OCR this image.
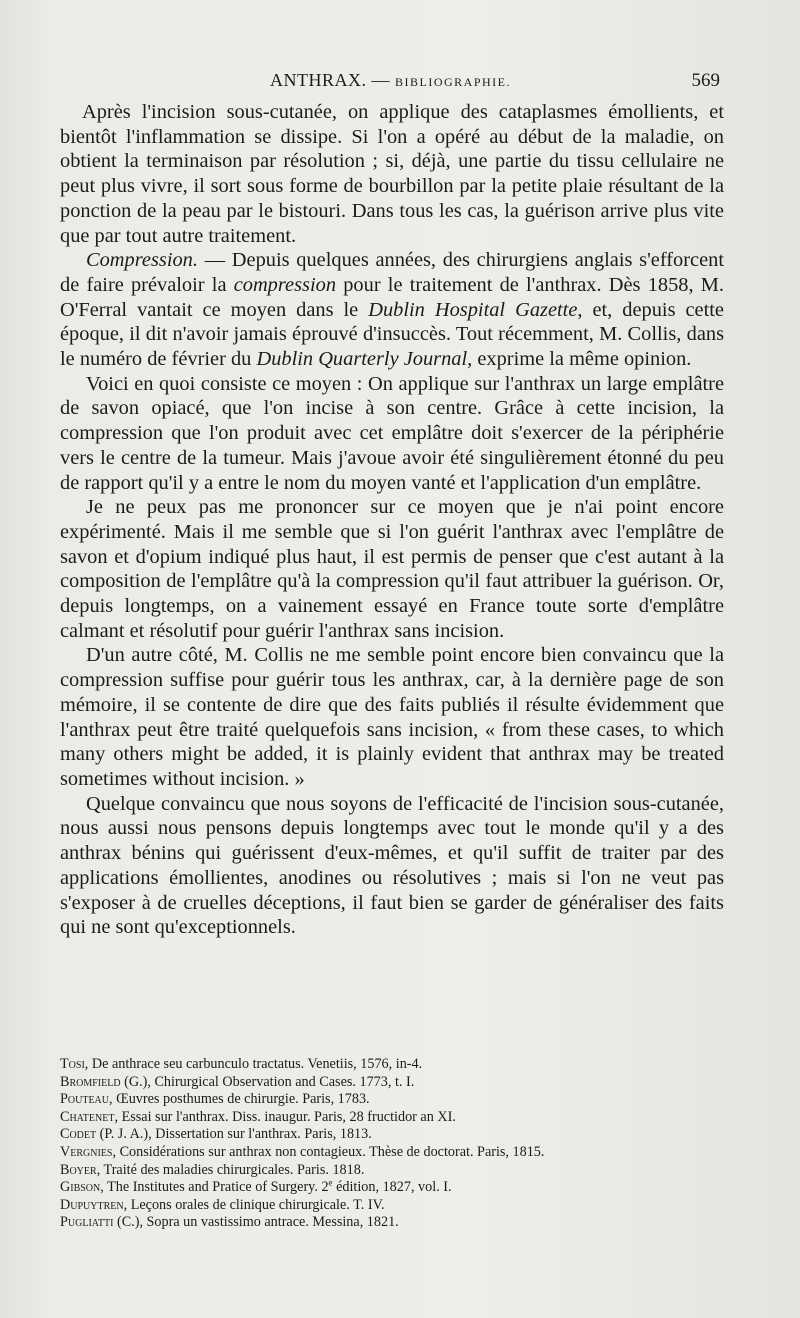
ANTHRAX. — BIBLIOGRAPHIE.	569

Après l'incision sous-cutanée, on applique des cataplasmes émollients, et bientôt l'inflammation se dissipe. Si l'on a opéré au début de la maladie, on obtient la terminaison par résolution ; si, déjà, une partie du tissu cellulaire ne peut plus vivre, il sort sous forme de bourbillon par la petite plaie résultant de la ponction de la peau par le bistouri. Dans tous les cas, la guérison arrive plus vite que par tout autre traitement.

Compression. — Depuis quelques années, des chirurgiens anglais s'efforcent de faire prévaloir la compression pour le traitement de l'anthrax. Dès 1858, M. O'Ferral vantait ce moyen dans le Dublin Hospital Gazette, et, depuis cette époque, il dit n'avoir jamais éprouvé d'insuccès. Tout récemment, M. Collis, dans le numéro de février du Dublin Quarterly Journal, exprime la même opinion.

Voici en quoi consiste ce moyen : On applique sur l'anthrax un large emplâtre de savon opiacé, que l'on incise à son centre. Grâce à cette incision, la compression que l'on produit avec cet emplâtre doit s'exercer de la périphérie vers le centre de la tumeur. Mais j'avoue avoir été singulièrement étonné du peu de rapport qu'il y a entre le nom du moyen vanté et l'application d'un emplâtre.

Je ne peux pas me prononcer sur ce moyen que je n'ai point encore expérimenté. Mais il me semble que si l'on guérit l'anthrax avec l'emplâtre de savon et d'opium indiqué plus haut, il est permis de penser que c'est autant à la composition de l'emplâtre qu'à la compression qu'il faut attribuer la guérison. Or, depuis longtemps, on a vainement essayé en France toute sorte d'emplâtre calmant et résolutif pour guérir l'anthrax sans incision.

D'un autre côté, M. Collis ne me semble point encore bien convaincu que la compression suffise pour guérir tous les anthrax, car, à la dernière page de son mémoire, il se contente de dire que des faits publiés il résulte évidemment que l'anthrax peut être traité quelquefois sans incision, « from these cases, to which many others might be added, it is plainly evident that anthrax may be treated sometimes without incision. »

Quelque convaincu que nous soyons de l'efficacité de l'incision sous-cutanée, nous aussi nous pensons depuis longtemps avec tout le monde qu'il y a des anthrax bénins qui guérissent d'eux-mêmes, et qu'il suffit de traiter par des applications émollientes, anodines ou résolutives ; mais si l'on ne veut pas s'exposer à de cruelles déceptions, il faut bien se garder de généraliser des faits qui ne sont qu'exceptionnels.

Tosi, De anthrace seu carbunculo tractatus. Venetiis, 1576, in-4.
Bromfield (G.), Chirurgical Observation and Cases. 1773, t. I.
Pouteau, Œuvres posthumes de chirurgie. Paris, 1783.
Chatenet, Essai sur l'anthrax. Diss. inaugur. Paris, 28 fructidor an XI.
Codet (P. J. A.), Dissertation sur l'anthrax. Paris, 1813.
Vergnies, Considérations sur anthrax non contagieux. Thèse de doctorat. Paris, 1815.
Boyer, Traité des maladies chirurgicales. Paris. 1818.
Gibson, The Institutes and Pratice of Surgery. 2e édition, 1827, vol. I.
Dupuytren, Leçons orales de clinique chirurgicale. T. IV.
Pugliatti (C.), Sopra un vastissimo antrace. Messina, 1821.
